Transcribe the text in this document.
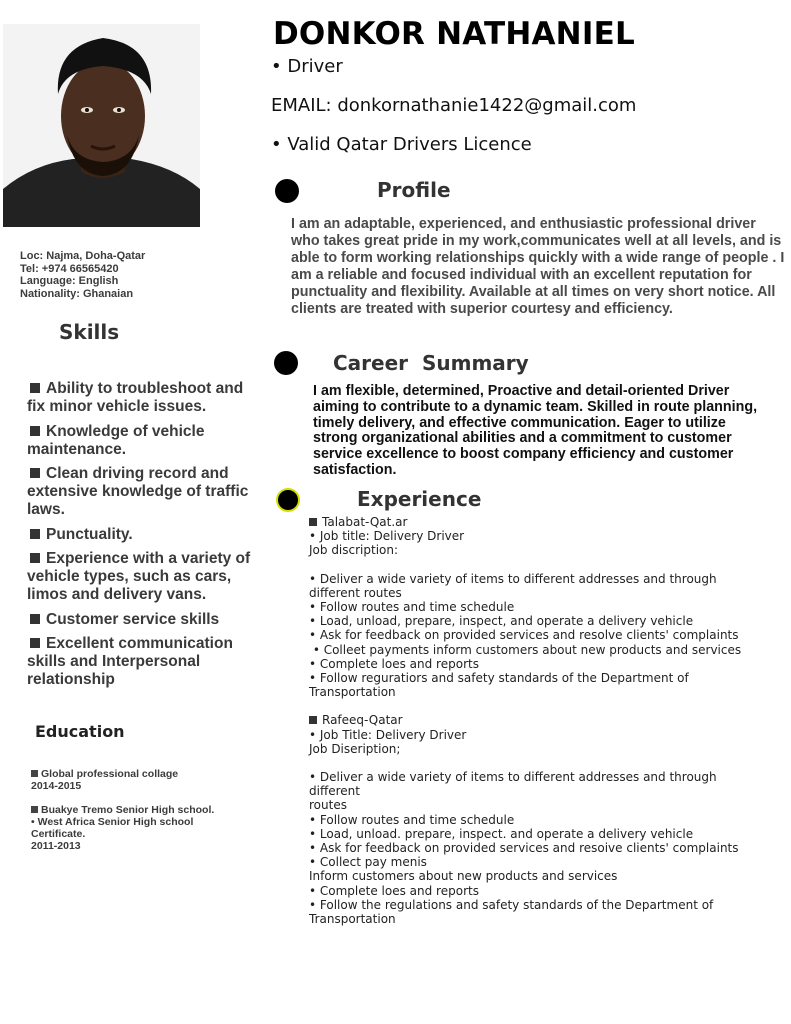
DONKOR NATHANIEL
• Driver
EMAIL: donkornathanie1422@gmail.com
• Valid Qatar Drivers Licence
Loc: Najma, Doha-Qatar
Tel: +974 66565420
Language: English
Nationality: Ghanaian
Skills
Ability to troubleshoot and fix minor vehicle issues.
Knowledge of vehicle maintenance.
Clean driving record and extensive knowledge of traffic laws.
Punctuality.
Experience with a variety of vehicle types, such as cars, limos and delivery vans.
Customer service skills
Excellent communication skills and Interpersonal relationship
Education
Global professional collage
2014-2015
Buakye Tremo Senior High school.
• West Africa Senior High school
Certificate.
2011-2013
Profile
I am an adaptable, experienced, and enthusiastic professional driver who takes great pride in my work,communicates well at all levels, and is able to form working relationships quickly with a wide range of people . I am a reliable and focused individual with an excellent reputation for punctuality and flexibility. Available at all times on very short notice. All clients are treated with superior courtesy and efficiency.
Career  Summary
I am flexible, determined, Proactive and detail-oriented Driver aiming to contribute to a dynamic team. Skilled in route planning, timely delivery, and effective communication. Eager to utilize strong organizational abilities and a commitment to customer service excellence to boost company efficiency and customer satisfaction.
Experience
Talabat-Qat.ar
• Job title: Delivery Driver
Job discription:
• Deliver a wide variety of items to different addresses and through
different routes
• Follow routes and time schedule
• Load, unload, prepare, inspect, and operate a delivery vehicle
• Ask for feedback on provided services and resolve clients' complaints
• Colleet payments inform customers about new products and services
• Complete loes and reports
• Follow reguratiors and safety standards of the Department of
Transportation
Rafeeq-Qatar
• Job Title: Delivery Driver
Job Diseription;
• Deliver a wide variety of items to different addresses and through
different
routes
• Follow routes and time schedule
• Load, unload. prepare, inspect. and operate a delivery vehicle
• Ask for feedback on provided services and resoive clients' complaints
• Collect pay menis
Inform customers about new products and services
• Complete loes and reports
• Follow the regulations and safety standards of the Department of
Transportation
